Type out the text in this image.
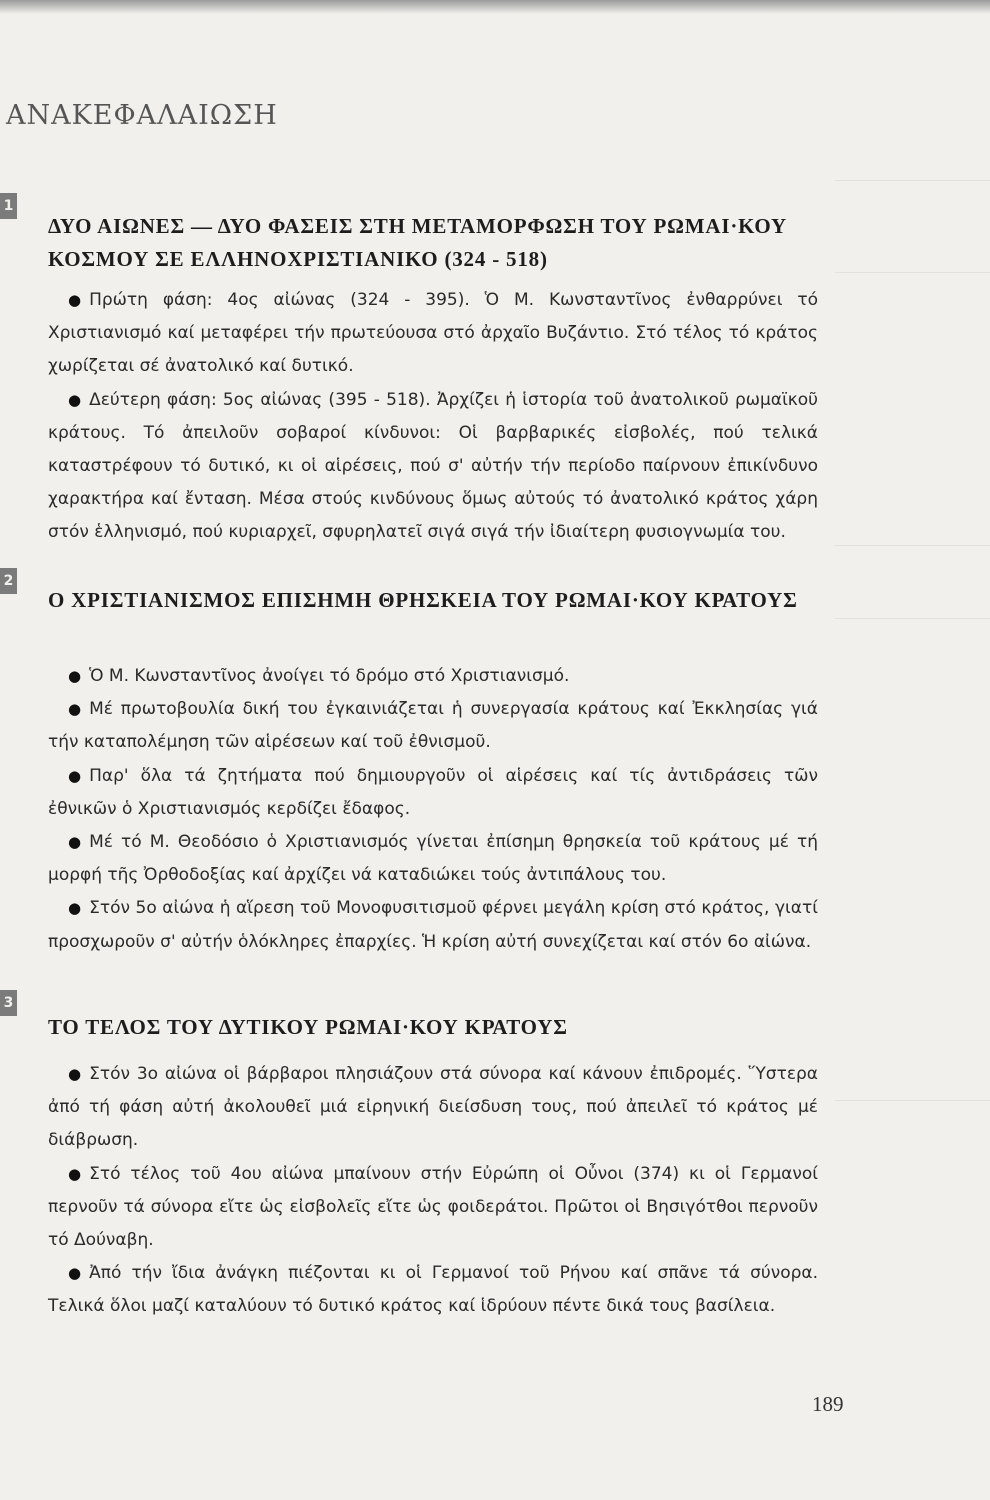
ΑΝΑΚΕΦΑΛΑΙΩΣΗ
1
ΔΥΟ ΑΙΩΝΕΣ — ΔΥΟ ΦΑΣΕΙΣ ΣΤΗ ΜΕΤΑΜΟΡΦΩΣΗ ΤΟΥ ΡΩΜΑΙ·ΚΟΥ ΚΟΣΜΟΥ ΣΕ ΕΛΛΗΝΟΧΡΙΣΤΙΑΝΙΚΟ (324 - 518)

● Πρώτη φάση: 4ος αἰώνας (324 - 395). Ὁ Μ. Κωνσταντῖνος ἐνθαρρύνει τό Χριστιανισμό καί μεταφέρει τήν πρωτεύουσα στό ἀρχαῖο Βυζάντιο. Στό τέλος τό κράτος χωρίζεται σέ ἀνατολικό καί δυτικό.

● Δεύτερη φάση: 5ος αἰώνας (395 - 518). Ἀρχίζει ἡ ἱστορία τοῦ ἀνατολικοῦ ρωμαϊκοῦ κράτους. Τό ἀπειλοῦν σοβαροί κίνδυνοι: Οἱ βαρβαρικές εἰσβολές, πού τελικά καταστρέφουν τό δυτικό, κι οἱ αἱρέσεις, πού σ' αὐτήν τήν περίοδο παίρνουν ἐπικίνδυνο χαρακτήρα καί ἔνταση. Μέσα στούς κινδύνους ὅμως αὐτούς τό ἀνατολικό κράτος χάρη στόν ἑλληνισμό, πού κυριαρχεῖ, σφυρηλατεῖ σιγά σιγά τήν ἰδιαίτερη φυσιογνωμία του.

2
Ο ΧΡΙΣΤΙΑΝΙΣΜΟΣ ΕΠΙΣΗΜΗ ΘΡΗΣΚΕΙΑ ΤΟΥ ΡΩΜΑΙ·ΚΟΥ ΚΡΑΤΟΥΣ

● Ὁ Μ. Κωνσταντῖνος ἀνοίγει τό δρόμο στό Χριστιανισμό.

● Μέ πρωτοβουλία δική του ἐγκαινιάζεται ἡ συνεργασία κράτους καί Ἐκκλησίας γιά τήν καταπολέμηση τῶν αἱρέσεων καί τοῦ ἐθνισμοῦ.

● Παρ' ὅλα τά ζητήματα πού δημιουργοῦν οἱ αἱρέσεις καί τίς ἀντιδράσεις τῶν ἐθνικῶν ὁ Χριστιανισμός κερδίζει ἔδαφος.

● Μέ τό Μ. Θεοδόσιο ὁ Χριστιανισμός γίνεται ἐπίσημη θρησκεία τοῦ κράτους μέ τή μορφή τῆς Ὀρθοδοξίας καί ἀρχίζει νά καταδιώκει τούς ἀντιπάλους του.

● Στόν 5ο αἰώνα ἡ αἵρεση τοῦ Μονοφυσιτισμοῦ φέρνει μεγάλη κρίση στό κράτος, γιατί προσχωροῦν σ' αὐτήν ὁλόκληρες ἐπαρχίες. Ἡ κρίση αὐτή συνεχίζεται καί στόν 6ο αἰώνα.

3
ΤΟ ΤΕΛΟΣ ΤΟΥ ΔΥΤΙΚΟΥ ΡΩΜΑΙ·ΚΟΥ ΚΡΑΤΟΥΣ

● Στόν 3ο αἰώνα οἱ βάρβαροι πλησιάζουν στά σύνορα καί κάνουν ἐπιδρομές. Ὕστερα ἀπό τή φάση αὐτή ἀκολουθεῖ μιά εἰρηνική διείσδυση τους, πού ἀπειλεῖ τό κράτος μέ διάβρωση.

● Στό τέλος τοῦ 4ου αἰώνα μπαίνουν στήν Εὐρώπη οἱ Οὖνοι (374) κι οἱ Γερμανοί περνοῦν τά σύνορα εἴτε ὡς εἰσβολεῖς εἴτε ὡς φοιδεράτοι. Πρῶτοι οἱ Βησιγότθοι περνοῦν τό Δούναβη.

● Ἀπό τήν ἴδια ἀνάγκη πιέζονται κι οἱ Γερμανοί τοῦ Ρήνου καί σπᾶνε τά σύνορα. Τελικά ὅλοι μαζί καταλύουν τό δυτικό κράτος καί ἱδρύουν πέντε δικά τους βασίλεια.

189
